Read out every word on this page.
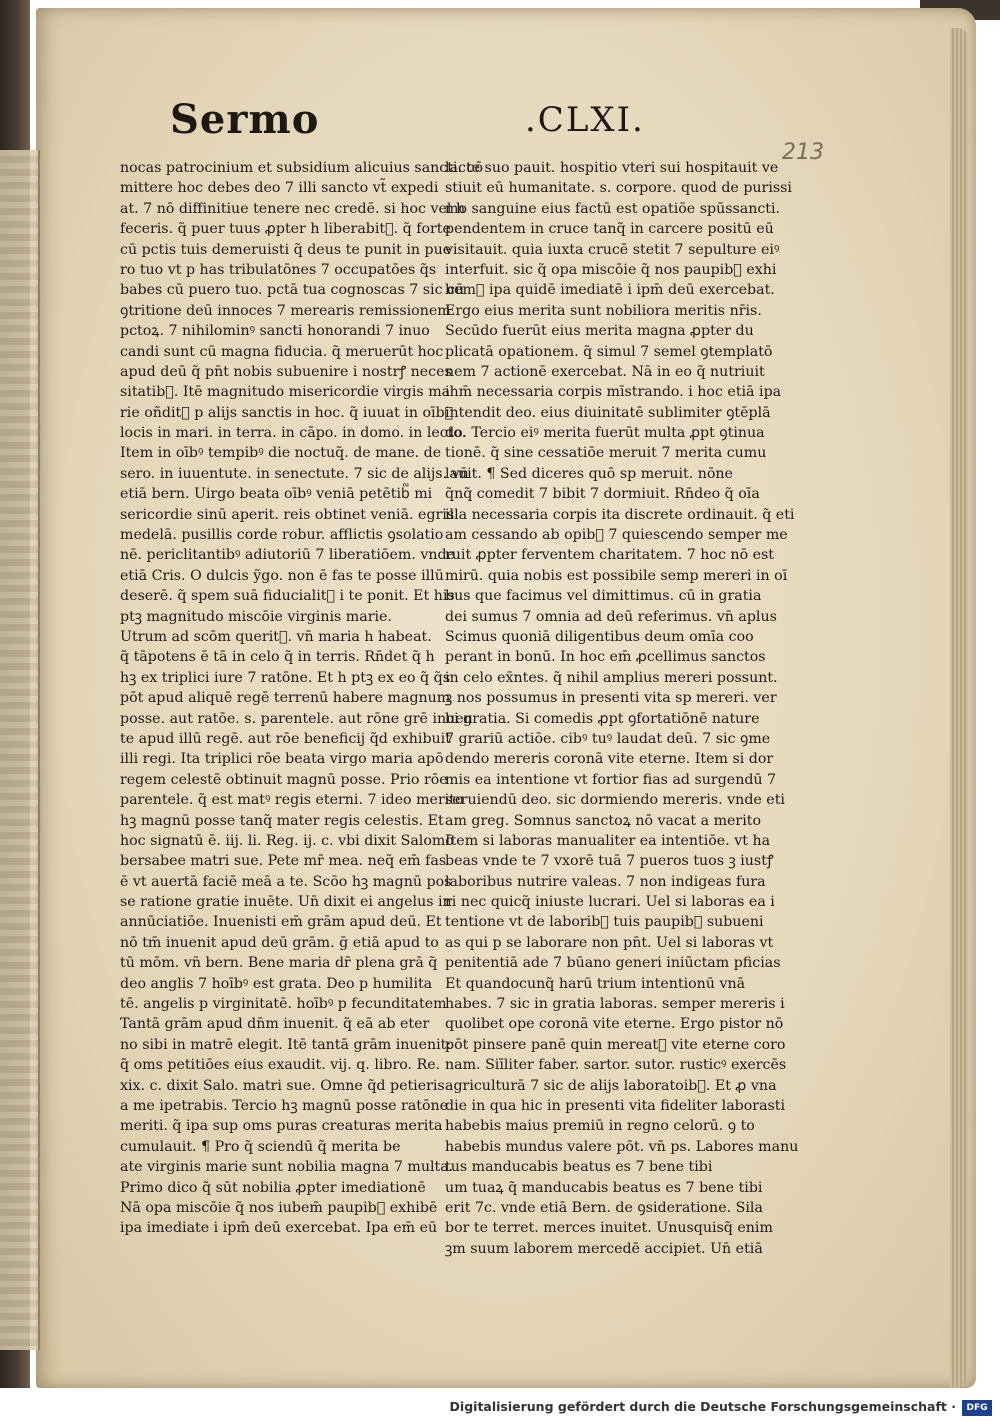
Sermo	.CLXI.
213
nocas patrocinium et subsidium alicuius sancti. cō
mittere hoc debes deo 7 illi sancto vt̃ expedi
at. 7 nō diffinitiue tenere nec credē. si hoc vel h
feceris. q̃ puer tuus ꝓpter h liberabit᷑. q̃ forte
cū pctis tuis demeruisti q̃ deus te punit in pue
ro tuo vt p has tribulatōnes 7 occupatōes q̃s
babes cū puero tuo. pctā tua cognoscas 7 sic cū
ꝯtritione deū innoces 7 merearis remissionem
pctoꝝ. 7 nihilominꝰ sancti honorandi 7 inuo
candi sunt cū magna fiducia. q̃ meruerūt hoc
apud deū q̃ pn̄t nobis subuenire i nostrꝭ neces
sitatib᷑. Itē magnitudo misericordie virgis ma
rie oñdit᷑ p alijs sanctis in hoc. q̃ iuuat in oībꝰ
locis in mari. in terra. in cāpo. in domo. in lecto.
Item in oībꝰ tempibꝰ die noctuq̃. de mane. de
sero. in iuuentute. in senectute. 7 sic de alijs. vn̄
etiā bern. Uirgo beata oībꝰ veniā petētib᷑ mi
sericordie sinū aperit. reis obtinet veniā. egris
medelā. pusillis corde robur. afflictis ꝯsolatio
nē. periclitantibꝰ adiutoriū 7 liberatiōem. vnde
etiā Cris. O dulcis ỹgo. non ē fas te posse illū
deserē. q̃ spem suā fiducialit᷑ i te ponit. Et his
ptꝫ magnitudo miscōie virginis marie.
Utrum ad scōm querit᷑. vn̄ maria h habeat.
q̃ tāpotens ē tā in celo q̃ in terris. Rn̄det q̃ h
hꝫ ex triplici iure 7 ratōne. Et h ptꝫ ex eo q̃ q̃s
pōt apud aliquē regē terrenū habere magnum
posse. aut ratōe. s. parentele. aut rōne grē inuen
te apud illū regē. aut rōe beneficij q̃d exhibuit
illi regi. Ita triplici rōe beata virgo maria apō
regem celestē obtinuit magnū posse. Prio rōe
parentele. q̃ est matꝰ regis eterni. 7 ideo merito
hꝫ magnū posse tanq̃ mater regis celestis. Et
hoc signatū ē. iij. li. Reg. ij. c. vbi dixit Salomō
bersabee matri sue. Pete mr̄ mea. neq̃ em̄ fas
ē vt auertā faciē meā a te. Scōo hꝫ magnū pos
se ratione gratie inuēte. Un̄ dixit ei angelus in
annūciatiōe. Inuenisti em̄ grām apud deū. Et
nō tm̄ inuenit apud deū grām. ḡ etiā apud to
tū mōm. vn̄ bern. Bene maria dr̄ plena grā q̃
deo anglis 7 hoībꝰ est grata. Deo p humilita
tē. angelis p virginitatē. hoībꝰ p fecunditatem
Tantā grām apud dn̄m inuenit. q̃ eā ab eter
no sibi in matrē elegit. Itē tantā grām inuenit:
q̃ oms petitiōes eius exaudit. vij. q. libro. Re.
xix. c. dixit Salo. matri sue. Omne q̃d petieris
a me ipetrabis. Tercio hꝫ magnū posse ratōne
meriti. q̃ ipa sup oms puras creaturas merita
cumulauit. ¶ Pro q̃ sciendū q̃ merita be
ate virginis marie sunt nobilia magna 7 multa.
Primo dico q̃ sūt nobilia ꝓpter imediationē
Nā opa miscōie q̃ nos iubem̄ paupib᷑ exhibē
ipa imediate i ipm̄ deū exercebat. Ipa em̄ eū
lacte suo pauit. hospitio vteri sui hospitauit ve
stiuit eū humanitate. s. corpore. quod de purissi
mo sanguine eius factū est opatiōe spūssancti.
pendentem in cruce tanq̃ in carcere positū eū
visitauit. quia iuxta crucē stetit 7 sepulture eiꝰ
interfuit. sic q̃ opa miscōie q̃ nos paupib᷑ exhi
bem᷑ ipa quidē imediatē i ipm̄ deū exercebat.
Ergo eius merita sunt nobiliora meritis nr̄is.
Secūdo fuerūt eius merita magna ꝓpter du
plicatā opationem. q̃ simul 7 semel ꝯtemplatō
nem 7 actionē exercebat. Nā in eo q̃ nutriuit
ihm̄ necessaria corpis mīstrando. i hoc etiā ipa
intendit deo. eius diuinitatē sublimiter ꝯtēplā
do. Tercio eiꝰ merita fuerūt multa ꝓpt ꝯtinua
tionē. q̃ sine cessatiōe meruit 7 merita cumu
lauit. ¶ Sed diceres quō sp meruit. nōne
q̃nq̃ comedit 7 bibit 7 dormiuit. Rn̄deo q̃ oīa
illa necessaria corpis ita discrete ordinauit. q̃ eti
am cessando ab opib᷑ 7 quiescendo semper me
ruit ꝓpter ferventem charitatem. 7 hoc nō est
mirū. quia nobis est possibile semp mereri in oī
bus que facimus vel dimittimus. cū in gratia
dei sumus 7 omnia ad deū referimus. vn̄ aplus
Scimus quoniā diligentibus deum omīa coo
perant in bonū. In hoc em̄ ꝓcellimus sanctos
in celo ex̄ntes. q̃ nihil amplius mereri possunt.
ꝫ nos possumus in presenti vita sp mereri. ver
bi gratia. Si comedis ꝓpt ꝯfortatiōnē nature
7 grariū actiōe. cibꝰ tuꝰ laudat deū. 7 sic ꝯme
dendo mereris coronā vite eterne. Item si dor
mis ea intentione vt fortior fias ad surgendū 7
seruiendū deo. sic dormiendo mereris. vnde eti
am greg. Somnus sanctoꝝ nō vacat a merito
Item si laboras manualiter ea intentiōe. vt ha
beas vnde te 7 vxorē tuā 7 pueros tuos ꝫ iustꝭ
laboribus nutrire valeas. 7 non indigeas fura
ri nec quicq̃ iniuste lucrari. Uel si laboras ea i
tentione vt de laborib᷑ tuis paupib᷑ subueni
as qui p se laborare non pn̄t. Uel si laboras vt
penitentiā ade 7 būano generi iniūctam pficias
Et quandocunq̃ harū trium intentionū vnā
habes. 7 sic in gratia laboras. semper mereris i
quolibet ope coronā vite eterne. Ergo pistor nō
pōt pinsere panē quin mereat᷑ vite eterne coro
nam. Siīliter faber. sartor. sutor. rusticꝰ exercēs
agriculturā 7 sic de alijs laboratoib᷑. Et ꝓ vna
die in qua hic in presenti vita fideliter laborasti
habebis maius premiū in regno celorū. ꝯ to
habebis mundus valere pōt. vn̄ ps. Labores manu
tus manducabis beatus es 7 bene tibi
um tuaꝝ q̃ manducabis beatus es 7 bene tibi
erit 7c. vnde etiā Bern. de ꝯsideratione. Sila
bor te terret. merces inuitet. Unusquisq̃ enim
ꝫm suum laborem mercedē accipiet. Un̄ etiā
Digitalisierung gefördert durch die Deutsche Forschungsgemeinschaft ·	DFG
